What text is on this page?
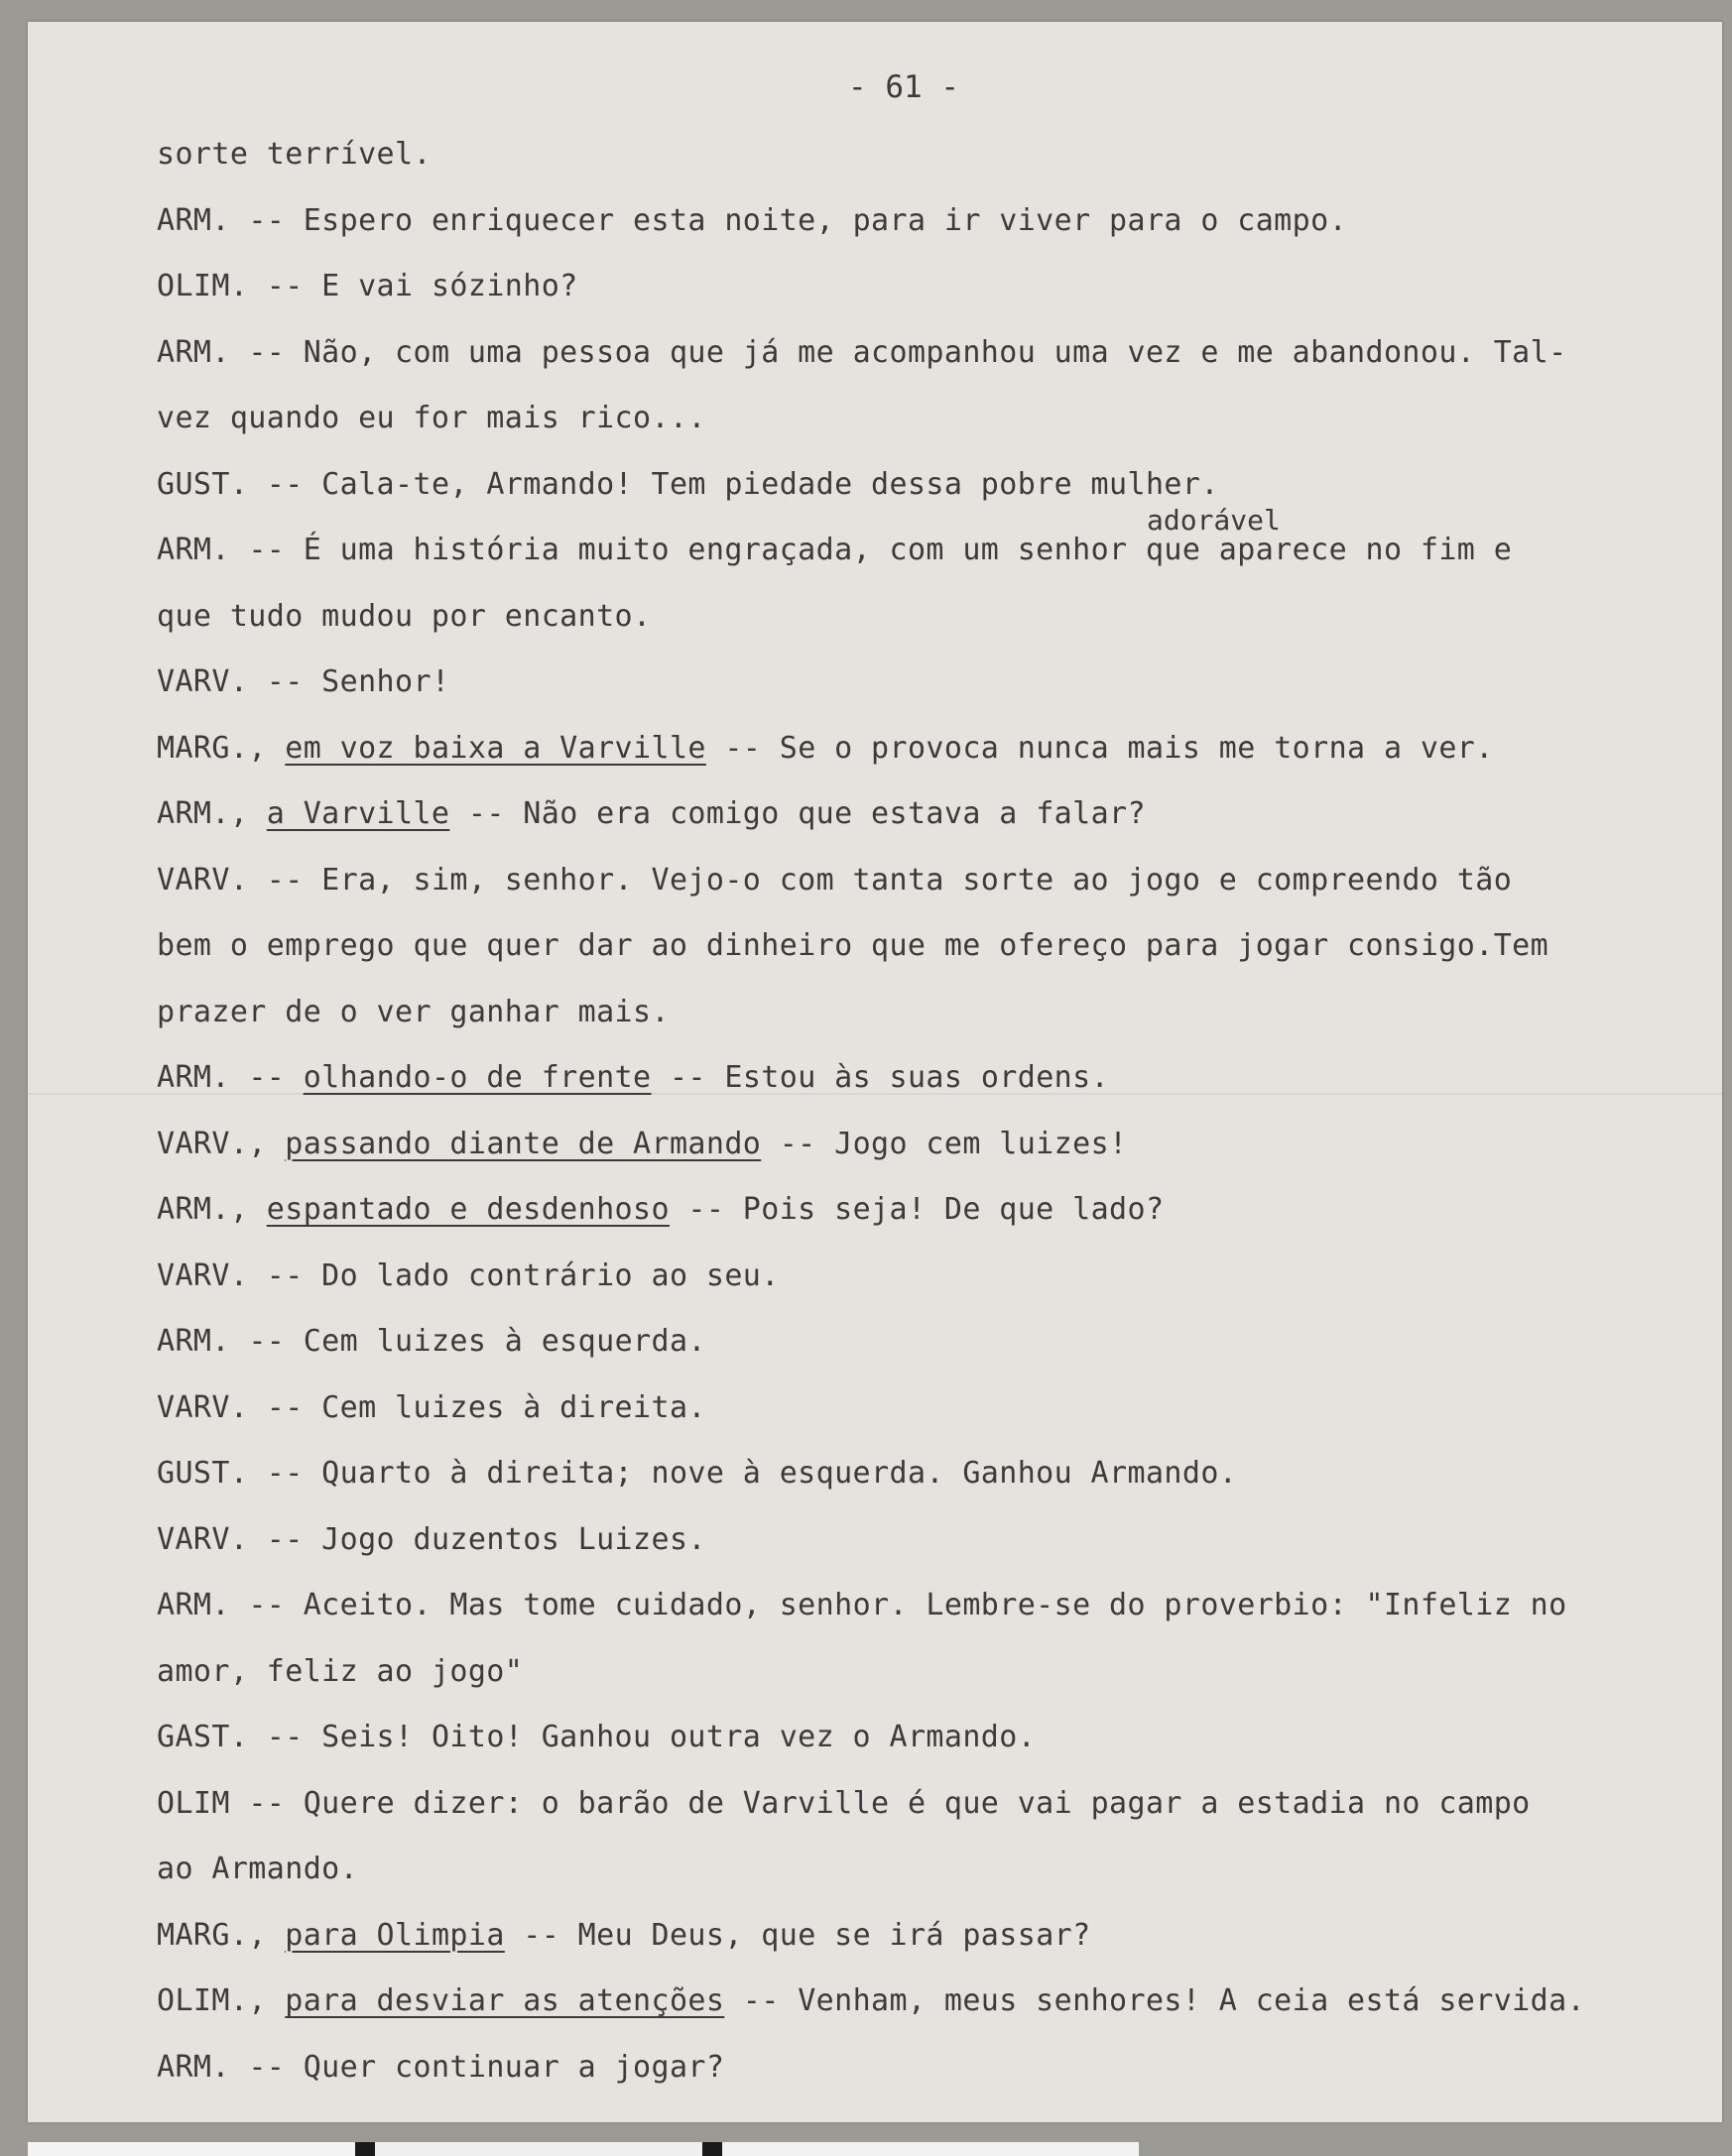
- 61 -
adorável
sorte terrível.
ARM. -- Espero enriquecer esta noite, para ir viver para o campo.
OLIM. -- E vai sózinho?
ARM. -- Não, com uma pessoa que já me acompanhou uma vez e me abandonou. Tal-
vez quando eu for mais rico...
GUST. -- Cala-te, Armando! Tem piedade dessa pobre mulher.
ARM. -- É uma história muito engraçada, com um senhor que aparece no fim e
que tudo mudou por encanto.
VARV. -- Senhor!
MARG., em voz baixa a Varville -- Se o provoca nunca mais me torna a ver.
ARM., a Varville -- Não era comigo que estava a falar?
VARV. -- Era, sim, senhor. Vejo-o com tanta sorte ao jogo e compreendo tão
bem o emprego que quer dar ao dinheiro que me ofereço para jogar consigo.Tem
prazer de o ver ganhar mais.
ARM. -- olhando-o de frente -- Estou às suas ordens.
VARV., passando diante de Armando -- Jogo cem luizes!
ARM., espantado e desdenhoso -- Pois seja! De que lado?
VARV. -- Do lado contrário ao seu.
ARM. -- Cem luizes à esquerda.
VARV. -- Cem luizes à direita.
GUST. -- Quarto à direita; nove à esquerda. Ganhou Armando.
VARV. -- Jogo duzentos Luizes.
ARM. -- Aceito. Mas tome cuidado, senhor. Lembre-se do proverbio: "Infeliz no
amor, feliz ao jogo"
GAST. -- Seis! Oito! Ganhou outra vez o Armando.
OLIM -- Quere dizer: o barão de Varville é que vai pagar a estadia no campo
ao Armando.
MARG., para Olimpia -- Meu Deus, que se irá passar?
OLIM., para desviar as atenções -- Venham, meus senhores! A ceia está servida.
ARM. -- Quer continuar a jogar?
